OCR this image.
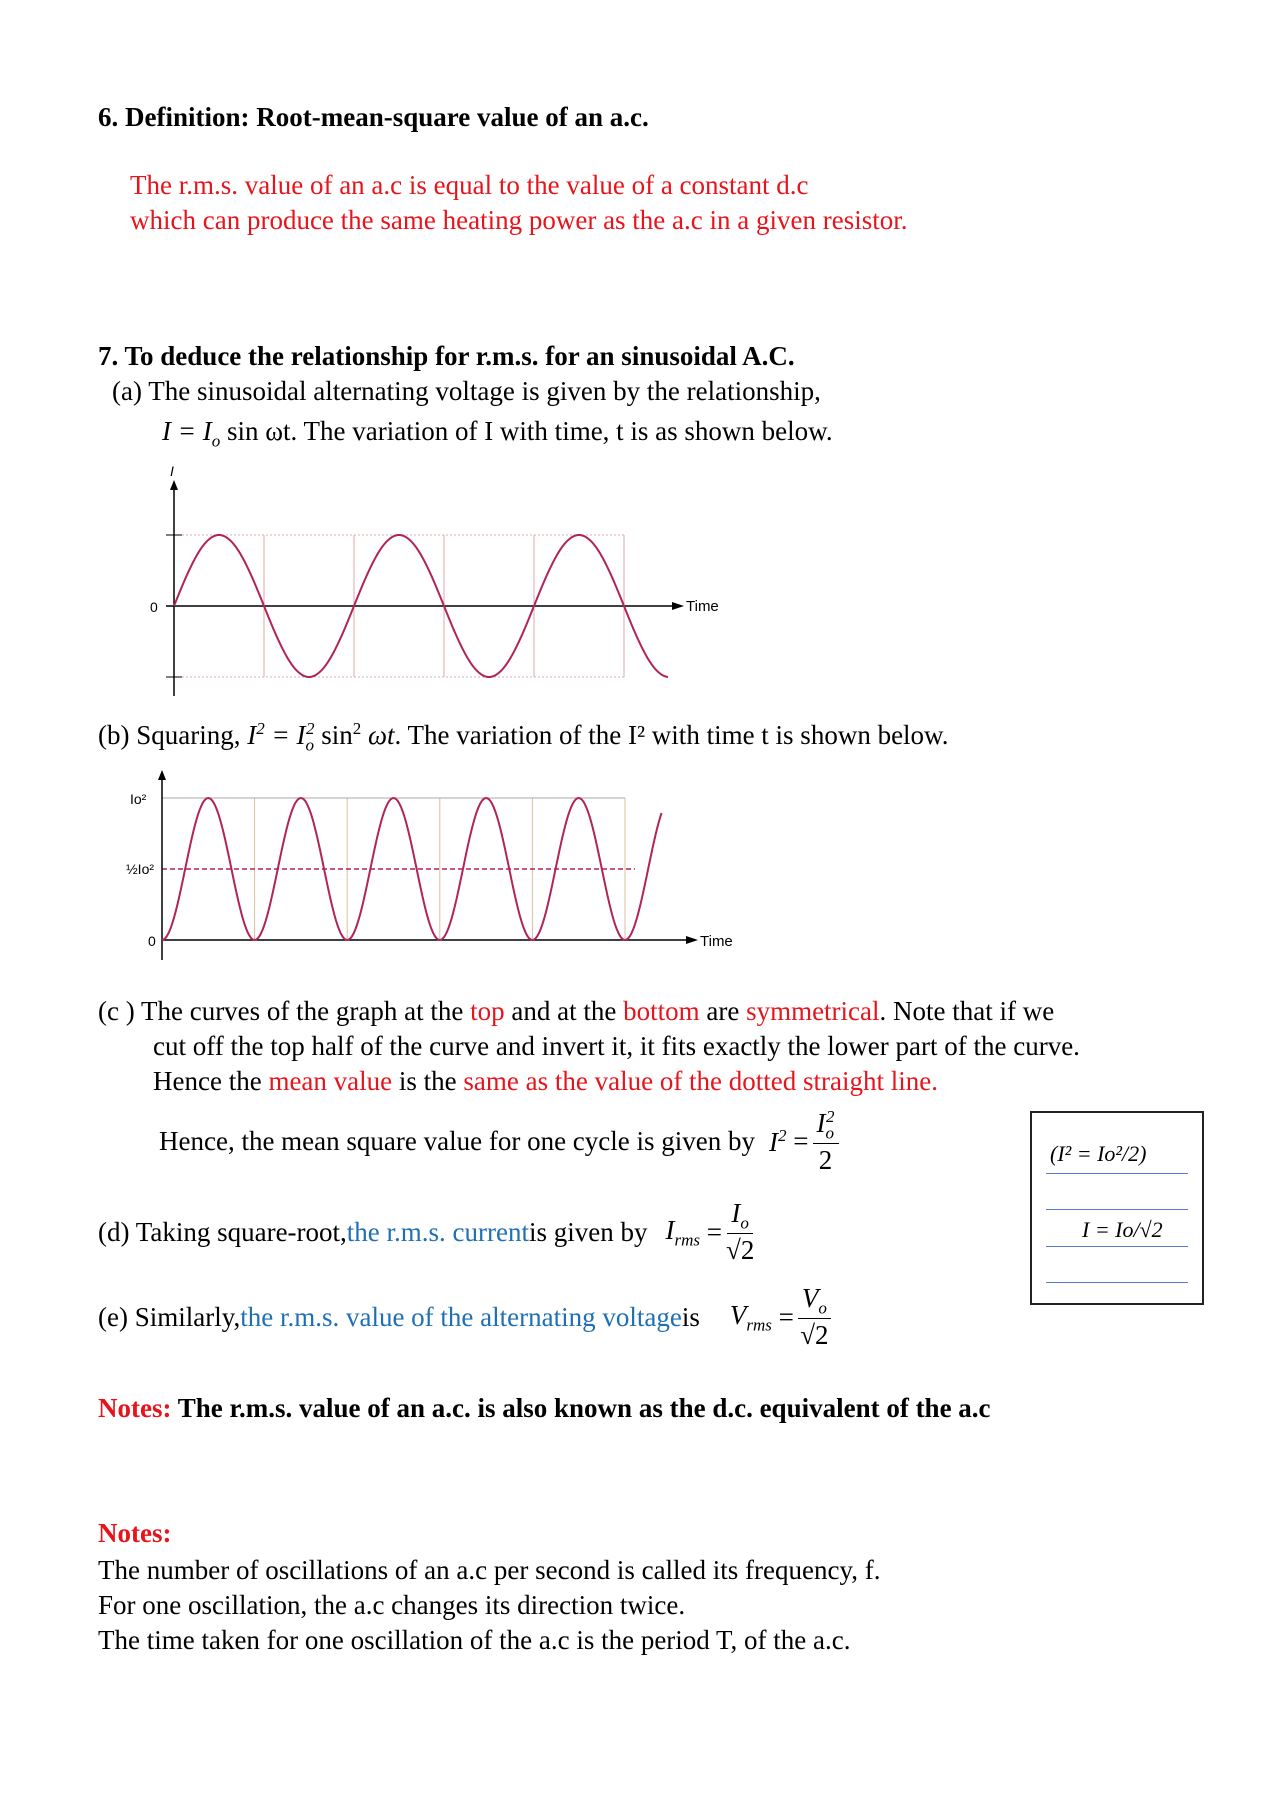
6. Definition: Root-mean-square value of an a.c.
The r.m.s. value of an a.c is equal to the value of a constant d.c
which can produce the same heating power as the a.c in a given resistor.
7. To deduce the relationship for r.m.s. for an sinusoidal A.C.
(a) The sinusoidal alternating voltage is given by the relationship,
$I = I_o$ sin ωt. The variation of I with time, t is as shown below.
0
I
Time
0
½Io²
Io²
Time
(b) Squaring, $I^2 = I_o^2$ $\sin^2 \omega t$. The variation of the I² with time t is shown below.
(c ) The curves of the graph at the top and at the bottom are symmetrical. Note that if we
cut off the top half of the curve and invert it, it fits exactly the lower part of the curve.
Hence the mean value is the same as the value of the dotted straight line.
Hence, the mean square value for one cycle is given by $I^2 = \frac{I_o^2}{2}$
(d) Taking square-root, the r.m.s. current is given by $I_{rms} = \frac{I_o}{√2}$
(e) Similarly, the r.m.s. value of the alternating voltage is $V_{rms} = \frac{V_o}{√2}$
(I² = Io²/2)
I = Io/√2
Notes: The r.m.s. value of an a.c. is also known as the d.c. equivalent of the a.c
Notes:
The number of oscillations of an a.c per second is called its frequency, f.
For one oscillation, the a.c changes its direction twice.
The time taken for one oscillation of the a.c is the period T, of the a.c.
